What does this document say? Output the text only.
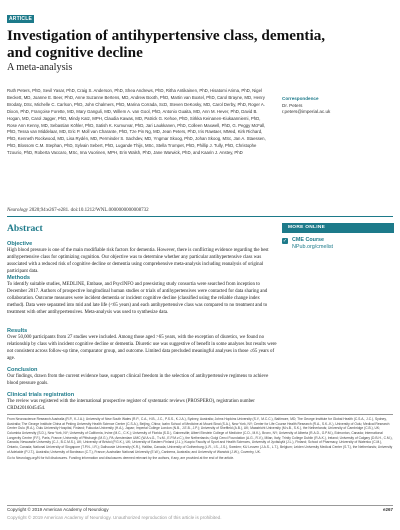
ARTICLE
Investigation of antihypertensive class, dementia, and cognitive decline
A meta-analysis
Ruth Peters, PhD, Sevil Yasar, PhD, Craig S. Anderson, PhD, Shea Andrews, PhD, Ritha Antikainen, PhD, Hisatomi Arima, PhD, Nigel Beckett, MD, Joanne E. Beer, PhD, Anne Suzanne Bertens, MD, Andrew Booth, PhD, Martin van Boxtel, PhD, Carol Brayne, MD, Henry Brodaty, DSc, Michelle C. Carlson, PhD, John Chalmers, PhD, Marina Corrada, ScD, Steven DeKosky, MD, Carol Derby, PhD, Roger A. Dixon, PhD, Françoise Forette, MD, Mary Ganguli, MD, Willem A. van Gool, PhD, Antonio Guaita, MD, Ann M. Hever, PhD, David B. Hogan, MD, Carol Jagger, PhD, Mindy Katz, MPH, Claudia Kawas, MD, Patrick G. Kehoe, PhD, Sirkka Keinanen-Kiukaanniemi, PhD, Rose Ann Kenny, MD, Sebastian Köhler, PhD, Satish K. Kumurvar, PhD, Jari Laukkanen, PhD, Colleen Maxwell, PhD, G. Peggy McFall, PhD, Tessa van Middelaar, MD, Eric P. Moll van Charante, PhD, Tze Pin Ng, MD, Jean Peters, PhD, Iris Rawtaer, MMed, Kirk Richard, PhD, Kenneth Rockwood, MD, Lisa Rydén, MD, Perminder S. Sachdev, MD, Yngmar Skoog, PhD, Johan Skoog, MSc, Jan A. Staessen, PhD, Blossom C.M. Stephan, PhD, Sylvain Sebert, PhD, Lugande Thijs, MSc, Stella Trompet, PhD, Phillip J. Tully, PhD, Christophe Tzourio, PhD, Roberta Vaccaro, MSc, Ima Vuorinen, MPH, Erin Walsh, PhD, Jane Warwick, PhD, and Kaarin J. Anstey, PhD
Correspondence
Dr. Peters
r.peters@imperial.ac.uk
Neurology 2020;94:e267-e281. doi:10.1212/WNL.0000000000008732
Abstract
Objective

High blood pressure is one of the main modifiable risk factors for dementia. However, there is conflicting evidence regarding the best antihypertensive class for optimizing cognition. Our objective was to determine whether any particular antihypertensive class was associated with a reduced risk of cognitive decline or dementia using comprehensive meta-analysis including reanalysis of original participant data.

Methods

To identify suitable studies, MEDLINE, Embase, and PsycINFO and preexisting study consortia were searched from inception to December 2017. Authors of prospective longitudinal human studies or trials of antihypertensives were contacted for data sharing and collaboration. Outcome measures were incident dementia or incident cognitive decline (classified using the reliable change index method). Data were separated into mid and late life (<65 years) and each antihypertensive class was compared to no treatment and to treatment with other antihypertensives. Meta-analysis was used to synthesize data.

Results

Over 50,000 participants from 27 studies were included. Among those aged >65 years, with the exception of diuretics, we found no relationship by class with incident cognitive decline or dementia. Diuretic use was suggestive of benefit in some analyses but results were not consistent across follow-up time, comparator group, and outcome. Limited data precluded meaningful analyses in those ≤65 years of age.

Conclusion

Our findings, drawn from the current evidence base, support clinical freedom in the selection of antihypertensive regimens to achieve blood pressure goals.

Clinical trials registration

The review was registered with the international prospective register of systematic reviews (PROSPERO), registration number CRD42016045454.

MORE ONLINE
✓ CME Course
NPub.org/cmelist
From Neuroscience Research Australia (R.P., K.J.A.); University of New South Wales (R.P., C.A., H.B., J.C., P.S.S., K.J.A.), Sydney, Australia; Johns Hopkins University (S.Y., M.C.C.), Baltimore, MD; The George Institute for Global Health (C.S.A., J.C.), Sydney, Australia; The George Institute China at Peking University Health Science Center (C.S.A.), Beijing, China; Icahn School of Medicine at Mount Sinai (S.A.), New York, NY; Center for Life Course Health Research (R.A., S.K.-K.), University of Oulu; Medical Research Center Oulu (R.A.), Oulu University Hospital, Finland; Fukuoka University (H.A.), Japan; Imperial College London (N.B., J.E.B., J.P.); University of Sheffield (A.B.), UK; Maastricht University (M.v.B., S.K.), the Netherlands; University of Cambridge (C.B.), UK; Columbia University (S.D.), New York, NY; University of California, Irvine (M.C., C.K.); University of Florida (S.D.), Gainesville; Albert Einstein College of Medicine (C.D., M.K.), Bronx, NY; University of Alberta (R.A.D., G.P.M.), Edmonton, Canada; International Longevity Centre (F.F.), Paris, France; University of Pittsburgh (M.G.), PA; Amsterdam UMC (W.A.v.G., T.v.M., E.P.M.v.C.), the Netherlands; Golgi Cenci Foundation (A.G., R.V.), Milan, Italy; Trinity College Dublin (R.A.K.), Ireland; University of Calgary (D.B.H., C.M.), Canada; Newcastle University (C.J., B.C.M.S.), UK; University of Bristol (P.G.K.), UK; University of Eastern Finland (J.L.); Kuopio Faculty of Sport and Health Sciences, University of Jyväskylä (J.L.), Finland; School of Pharmacy, University of Waterloo (C.M.), Ontario, Canada; National University of Singapore (T.P.N., I.R.); Dalhousie University (K.R.), Halifax, Canada; University of Gothenburg (L.R., I.S., J.S.), Sweden; KU Leuven (J.A.S., L.T.), Belgium; Leiden University Medical Center (S.T.), the Netherlands; University of Adelaide (P.J.T.), Australia; University of Bordeaux (C.T.), France; Australian National University (E.W.), Canberra, Australia; and University of Warwick (J.W.), Coventry, UK.
Go to Neurology.org/N for full disclosures. Funding information and disclosures deemed relevant by the authors, if any, are provided at the end of the article.
Copyright © 2019 American Academy of Neurology	e267
Copyright © 2019 American Academy of Neurology. Unauthorized reproduction of this article is prohibited.
